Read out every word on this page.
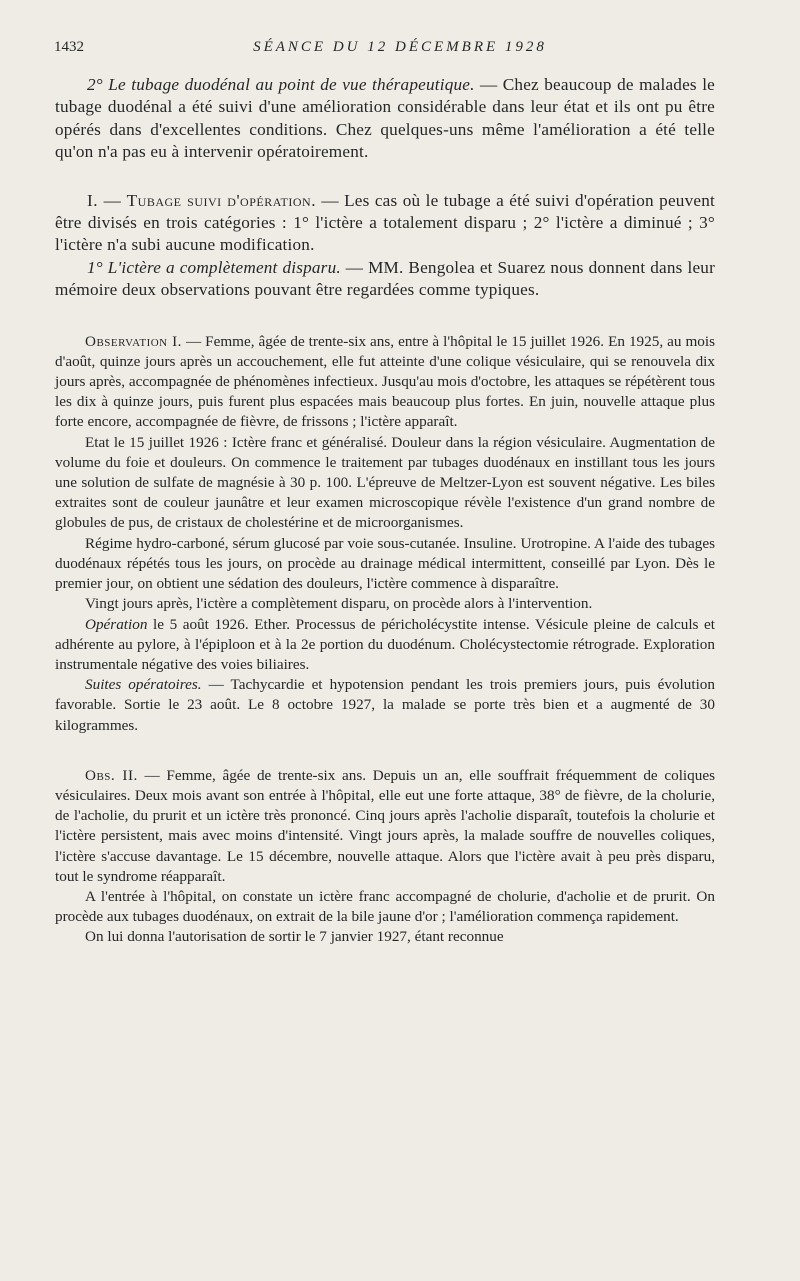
1432	SÉANCE DU 12 DÉCEMBRE 1928

2° Le tubage duodénal au point de vue thérapeutique. — Chez beaucoup de malades le tubage duodénal a été suivi d'une amélioration considérable dans leur état et ils ont pu être opérés dans d'excellentes conditions. Chez quelques-uns même l'amélioration a été telle qu'on n'a pas eu à intervenir opératoirement.

I. — Tubage suivi d'opération. — Les cas où le tubage a été suivi d'opération peuvent être divisés en trois catégories : 1° l'ictère a totalement disparu ; 2° l'ictère a diminué ; 3° l'ictère n'a subi aucune modification.

1° L'ictère a complètement disparu. — MM. Bengolea et Suarez nous donnent dans leur mémoire deux observations pouvant être regardées comme typiques.

Observation I. — Femme, âgée de trente-six ans, entre à l'hôpital le 15 juillet 1926. En 1925, au mois d'août, quinze jours après un accouchement, elle fut atteinte d'une colique vésiculaire, qui se renouvela dix jours après, accompagnée de phénomènes infectieux. Jusqu'au mois d'octobre, les attaques se répétèrent tous les dix à quinze jours, puis furent plus espacées mais beaucoup plus fortes. En juin, nouvelle attaque plus forte encore, accompagnée de fièvre, de frissons ; l'ictère apparaît.

Etat le 15 juillet 1926 : Ictère franc et généralisé. Douleur dans la région vésiculaire. Augmentation de volume du foie et douleurs. On commence le traitement par tubages duodénaux en instillant tous les jours une solution de sulfate de magnésie à 30 p. 100. L'épreuve de Meltzer-Lyon est souvent négative. Les biles extraites sont de couleur jaunâtre et leur examen microscopique révèle l'existence d'un grand nombre de globules de pus, de cristaux de cholestérine et de microorganismes.

Régime hydro-carboné, sérum glucosé par voie sous-cutanée. Insuline. Urotropine. A l'aide des tubages duodénaux répétés tous les jours, on procède au drainage médical intermittent, conseillé par Lyon. Dès le premier jour, on obtient une sédation des douleurs, l'ictère commence à disparaître.

Vingt jours après, l'ictère a complètement disparu, on procède alors à l'intervention.

Opération le 5 août 1926. Ether. Processus de péricholécystite intense. Vésicule pleine de calculs et adhérente au pylore, à l'épiploon et à la 2e portion du duodénum. Cholécystectomie rétrograde. Exploration instrumentale négative des voies biliaires.

Suites opératoires. — Tachycardie et hypotension pendant les trois premiers jours, puis évolution favorable. Sortie le 23 août. Le 8 octobre 1927, la malade se porte très bien et a augmenté de 30 kilogrammes.

Obs. II. — Femme, âgée de trente-six ans. Depuis un an, elle souffrait fréquemment de coliques vésiculaires. Deux mois avant son entrée à l'hôpital, elle eut une forte attaque, 38° de fièvre, de la cholurie, de l'acholie, du prurit et un ictère très prononcé. Cinq jours après l'acholie disparaît, toutefois la cholurie et l'ictère persistent, mais avec moins d'intensité. Vingt jours après, la malade souffre de nouvelles coliques, l'ictère s'accuse davantage. Le 15 décembre, nouvelle attaque. Alors que l'ictère avait à peu près disparu, tout le syndrome réapparaît.

A l'entrée à l'hôpital, on constate un ictère franc accompagné de cholurie, d'acholie et de prurit. On procède aux tubages duodénaux, on extrait de la bile jaune d'or ; l'amélioration commença rapidement.

On lui donna l'autorisation de sortir le 7 janvier 1927, étant reconnue
